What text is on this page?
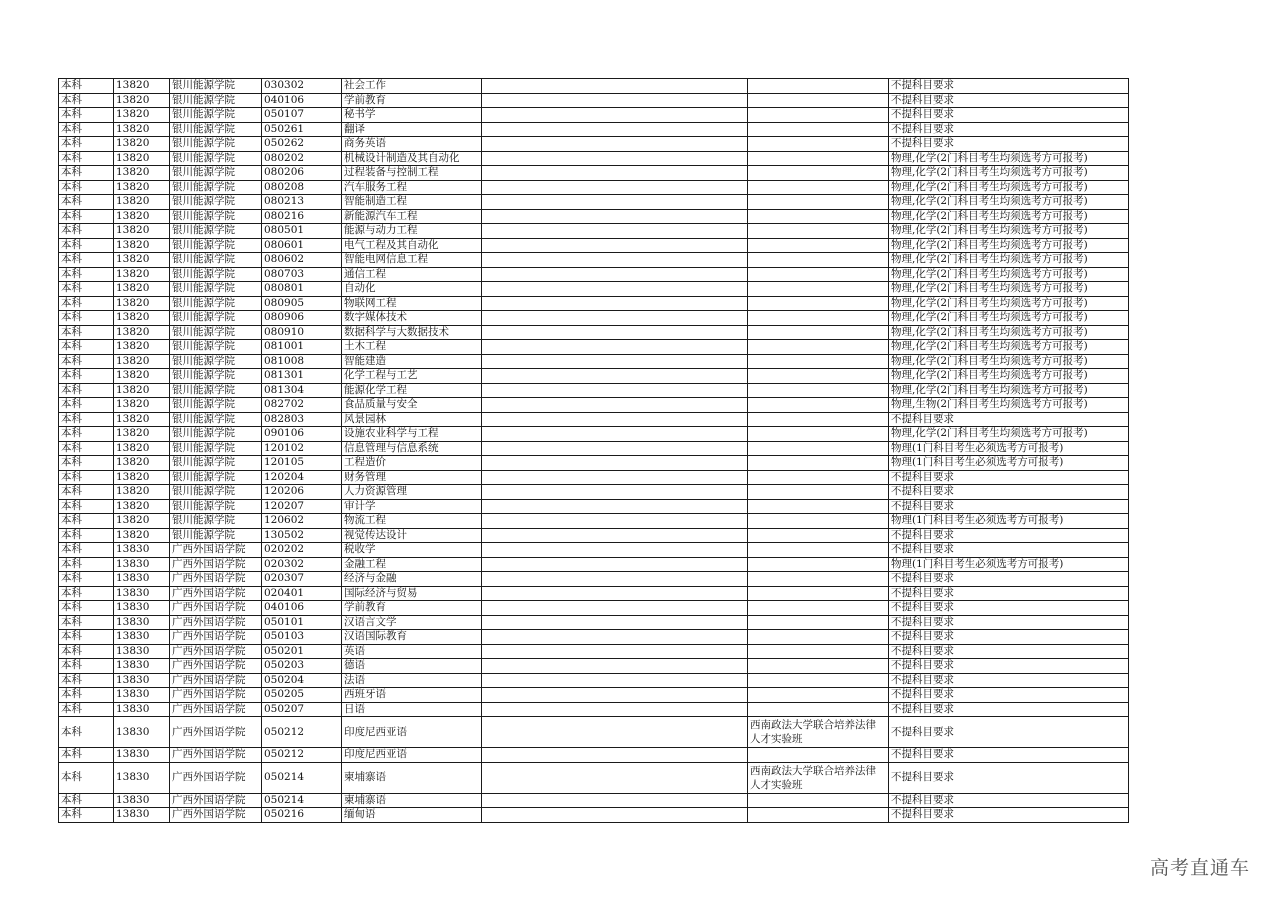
本科	13820	银川能源学院	030302	社会工作			不提科目要求
本科	13820	银川能源学院	040106	学前教育			不提科目要求
本科	13820	银川能源学院	050107	秘书学			不提科目要求
本科	13820	银川能源学院	050261	翻译			不提科目要求
本科	13820	银川能源学院	050262	商务英语			不提科目要求
本科	13820	银川能源学院	080202	机械设计制造及其自动化			物理,化学(2门科目考生均须选考方可报考)
本科	13820	银川能源学院	080206	过程装备与控制工程			物理,化学(2门科目考生均须选考方可报考)
本科	13820	银川能源学院	080208	汽车服务工程			物理,化学(2门科目考生均须选考方可报考)
本科	13820	银川能源学院	080213	智能制造工程			物理,化学(2门科目考生均须选考方可报考)
本科	13820	银川能源学院	080216	新能源汽车工程			物理,化学(2门科目考生均须选考方可报考)
本科	13820	银川能源学院	080501	能源与动力工程			物理,化学(2门科目考生均须选考方可报考)
本科	13820	银川能源学院	080601	电气工程及其自动化			物理,化学(2门科目考生均须选考方可报考)
本科	13820	银川能源学院	080602	智能电网信息工程			物理,化学(2门科目考生均须选考方可报考)
本科	13820	银川能源学院	080703	通信工程			物理,化学(2门科目考生均须选考方可报考)
本科	13820	银川能源学院	080801	自动化			物理,化学(2门科目考生均须选考方可报考)
本科	13820	银川能源学院	080905	物联网工程			物理,化学(2门科目考生均须选考方可报考)
本科	13820	银川能源学院	080906	数字媒体技术			物理,化学(2门科目考生均须选考方可报考)
本科	13820	银川能源学院	080910	数据科学与大数据技术			物理,化学(2门科目考生均须选考方可报考)
本科	13820	银川能源学院	081001	土木工程			物理,化学(2门科目考生均须选考方可报考)
本科	13820	银川能源学院	081008	智能建造			物理,化学(2门科目考生均须选考方可报考)
本科	13820	银川能源学院	081301	化学工程与工艺			物理,化学(2门科目考生均须选考方可报考)
本科	13820	银川能源学院	081304	能源化学工程			物理,化学(2门科目考生均须选考方可报考)
本科	13820	银川能源学院	082702	食品质量与安全			物理,生物(2门科目考生均须选考方可报考)
本科	13820	银川能源学院	082803	风景园林			不提科目要求
本科	13820	银川能源学院	090106	设施农业科学与工程			物理,化学(2门科目考生均须选考方可报考)
本科	13820	银川能源学院	120102	信息管理与信息系统			物理(1门科目考生必须选考方可报考)
本科	13820	银川能源学院	120105	工程造价			物理(1门科目考生必须选考方可报考)
本科	13820	银川能源学院	120204	财务管理			不提科目要求
本科	13820	银川能源学院	120206	人力资源管理			不提科目要求
本科	13820	银川能源学院	120207	审计学			不提科目要求
本科	13820	银川能源学院	120602	物流工程			物理(1门科目考生必须选考方可报考)
本科	13820	银川能源学院	130502	视觉传达设计			不提科目要求
本科	13830	广西外国语学院	020202	税收学			不提科目要求
本科	13830	广西外国语学院	020302	金融工程			物理(1门科目考生必须选考方可报考)
本科	13830	广西外国语学院	020307	经济与金融			不提科目要求
本科	13830	广西外国语学院	020401	国际经济与贸易			不提科目要求
本科	13830	广西外国语学院	040106	学前教育			不提科目要求
本科	13830	广西外国语学院	050101	汉语言文学			不提科目要求
本科	13830	广西外国语学院	050103	汉语国际教育			不提科目要求
本科	13830	广西外国语学院	050201	英语			不提科目要求
本科	13830	广西外国语学院	050203	德语			不提科目要求
本科	13830	广西外国语学院	050204	法语			不提科目要求
本科	13830	广西外国语学院	050205	西班牙语			不提科目要求
本科	13830	广西外国语学院	050207	日语			不提科目要求
本科	13830	广西外国语学院	050212	印度尼西亚语		西南政法大学联合培养法律人才实验班	不提科目要求
本科	13830	广西外国语学院	050212	印度尼西亚语			不提科目要求
本科	13830	广西外国语学院	050214	柬埔寨语		西南政法大学联合培养法律人才实验班	不提科目要求
本科	13830	广西外国语学院	050214	柬埔寨语			不提科目要求
本科	13830	广西外国语学院	050216	缅甸语			不提科目要求
高考直通车
